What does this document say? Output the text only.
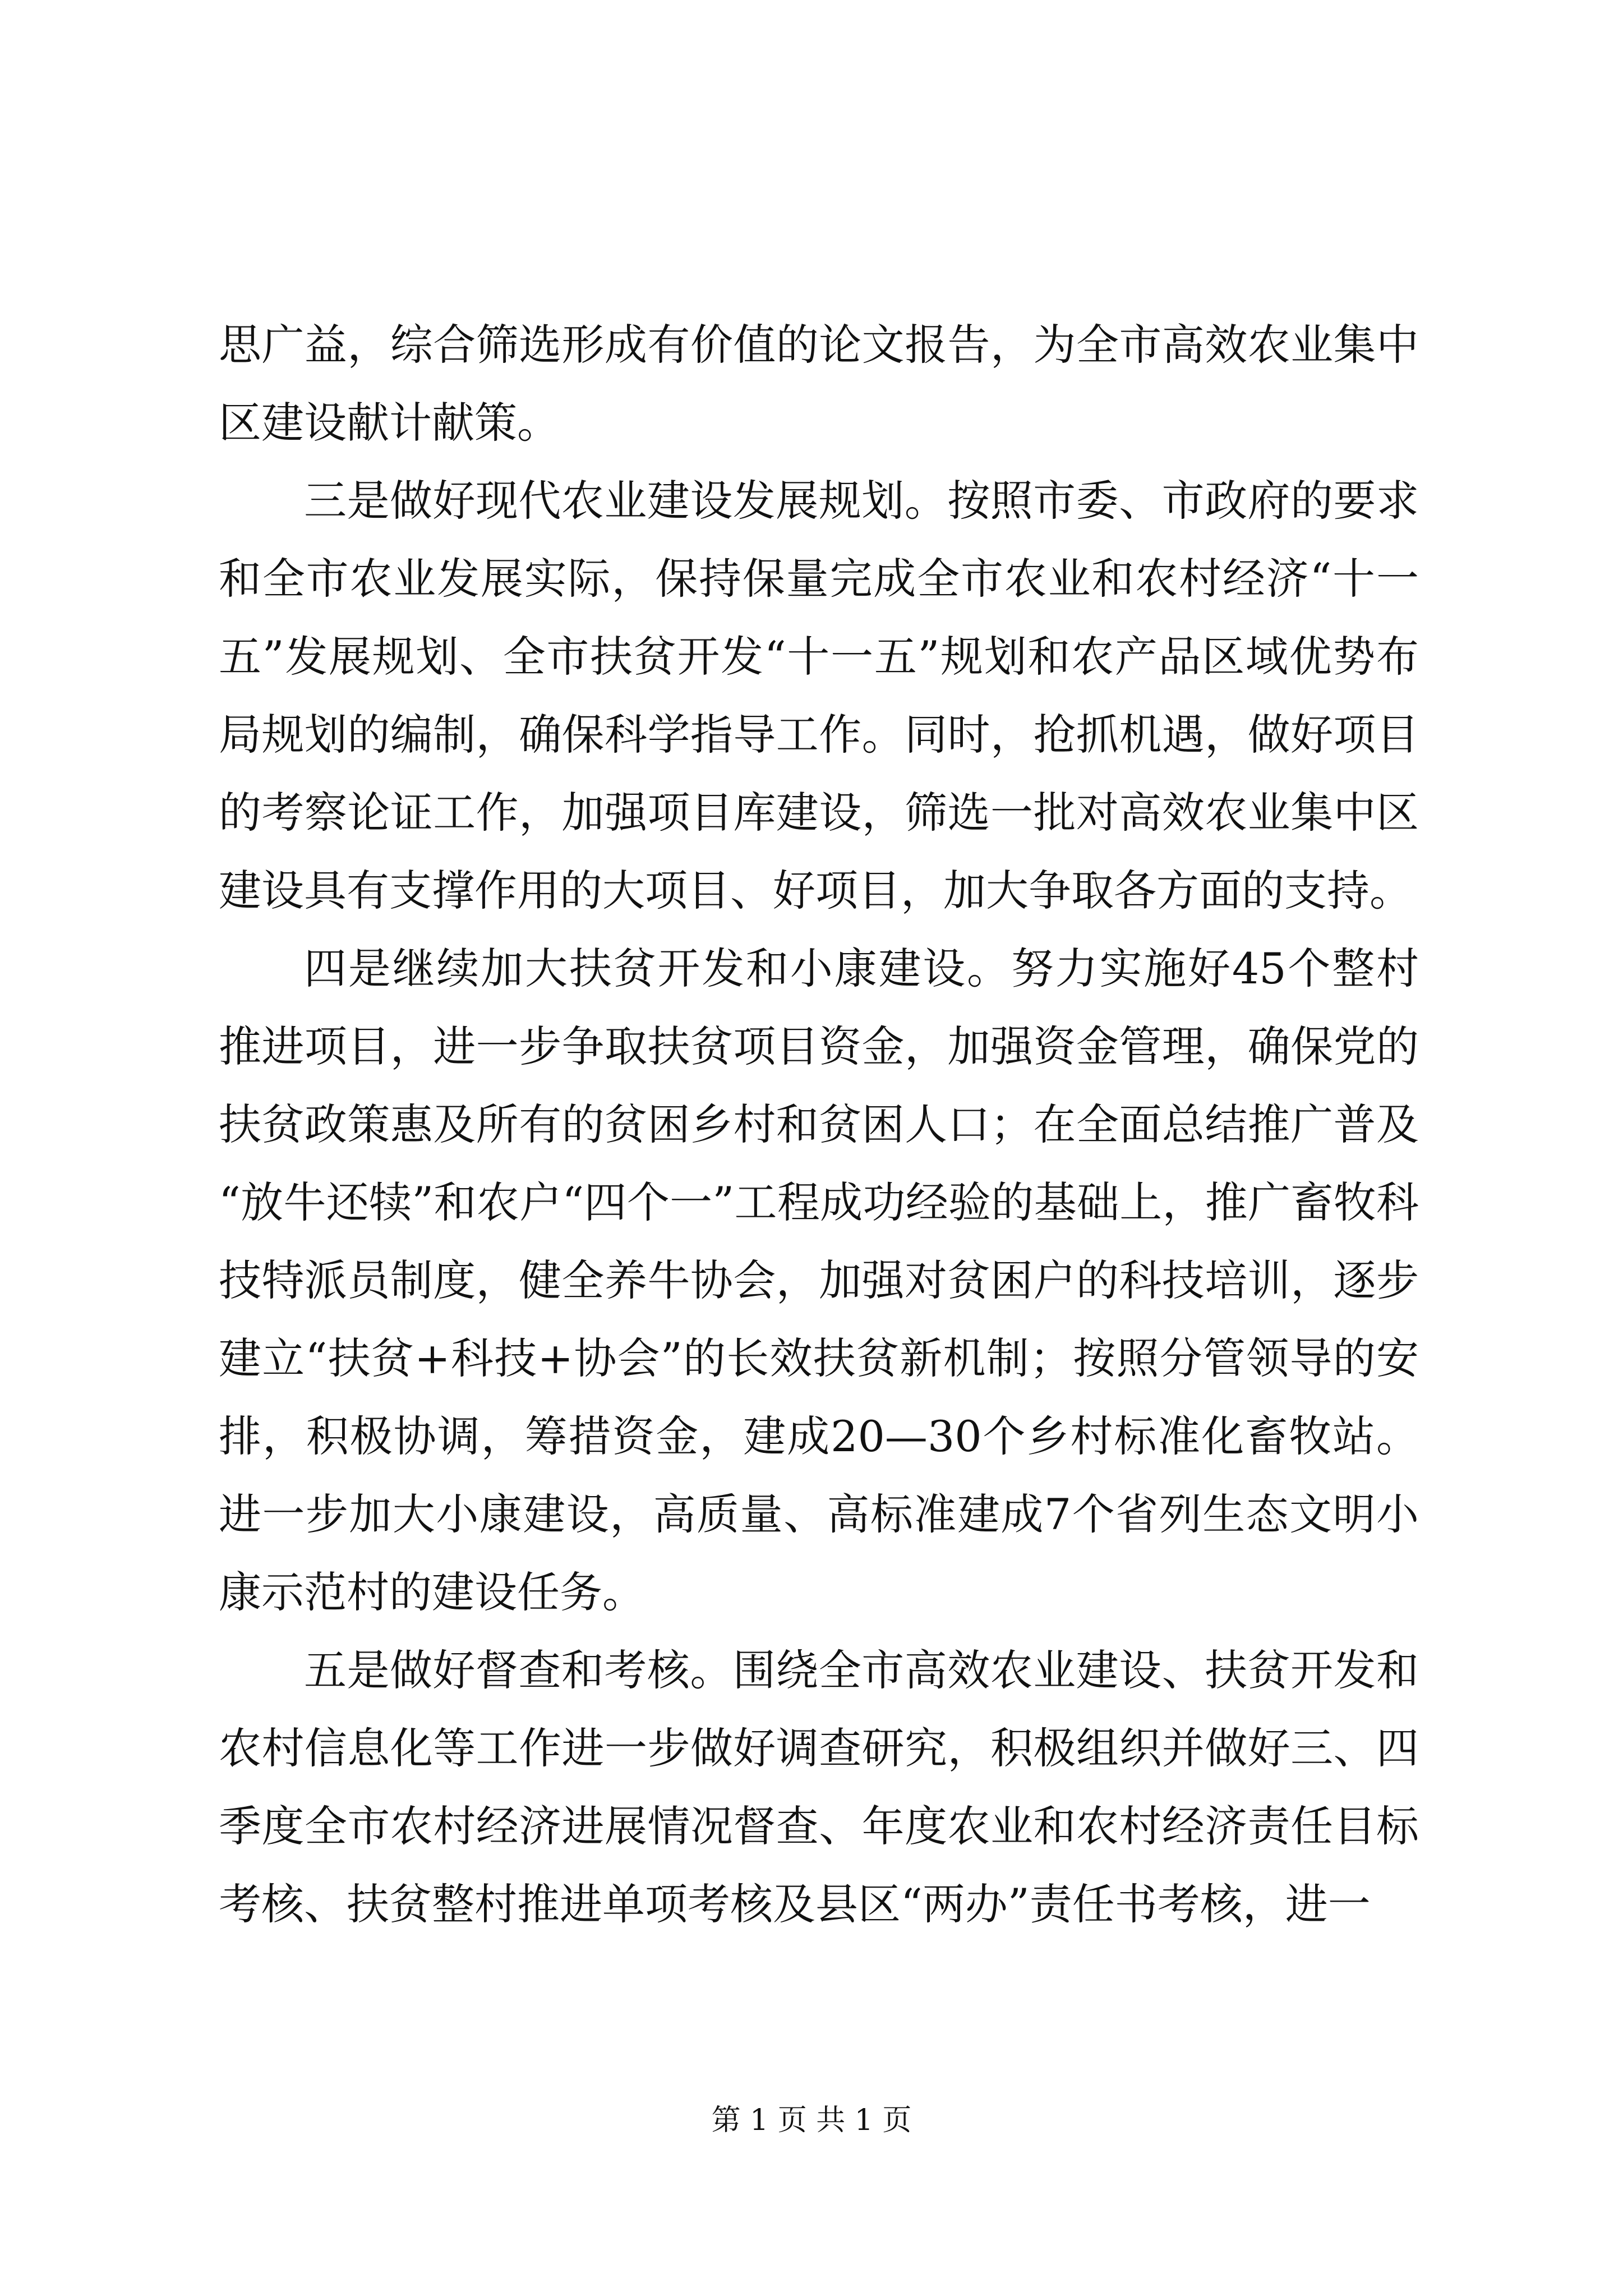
思广益，综合筛选形成有价值的论文报告，为全市高效农业集中区建设献计献策。

三是做好现代农业建设发展规划。按照市委、市政府的要求和全市农业发展实际，保持保量完成全市农业和农村经济“十一五”发展规划、全市扶贫开发“十一五”规划和农产品区域优势布局规划的编制，确保科学指导工作。同时，抢抓机遇，做好项目的考察论证工作，加强项目库建设，筛选一批对高效农业集中区建设具有支撑作用的大项目、好项目，加大争取各方面的支持。

四是继续加大扶贫开发和小康建设。努力实施好45个整村推进项目，进一步争取扶贫项目资金，加强资金管理，确保党的扶贫政策惠及所有的贫困乡村和贫困人口；在全面总结推广普及“放牛还犊”和农户“四个一”工程成功经验的基础上，推广畜牧科技特派员制度，健全养牛协会，加强对贫困户的科技培训，逐步建立“扶贫+科技+协会”的长效扶贫新机制；按照分管领导的安排，积极协调，筹措资金，建成20—30个乡村标准化畜牧站。进一步加大小康建设，高质量、高标准建成7个省列生态文明小康示范村的建设任务。

五是做好督查和考核。围绕全市高效农业建设、扶贫开发和农村信息化等工作进一步做好调查研究，积极组织并做好三、四季度全市农村经济进展情况督查、年度农业和农村经济责任目标考核、扶贫整村推进单项考核及县区“两办”责任书考核，进一

第 1 页 共 1 页
